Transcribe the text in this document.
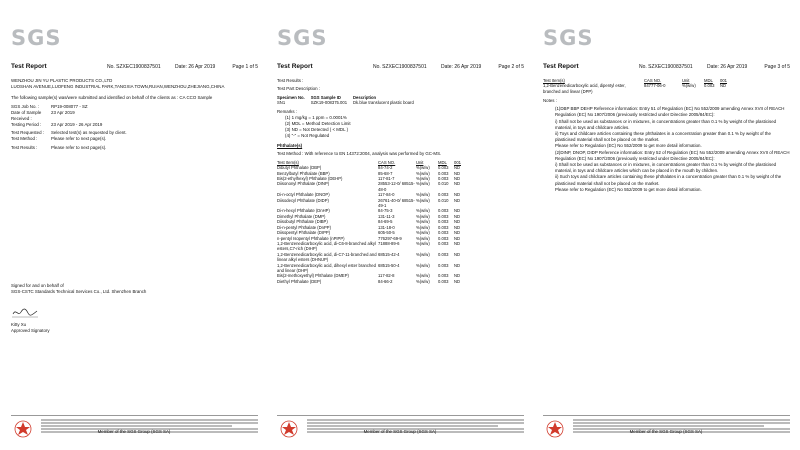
SGS
Test Report	No. SZXEC1900837501	Date: 26 Apr 2019	Page 1 of 5
WENZHOU JIN YU PLASTIC PRODUCTS CO.,LTD
LUOSHAN AVENUE,LUOFENG INDUSTRIAL PARK,TANGXIA TOWN,RUIAN,WENZHOU,ZHEJIANG,CHINA
The following sample(s) was/were submitted and identified on behalf of the clients as : CA CCO Sample
SGS Job No. :	RP19-008077 - SZ
Date of Sample Received :
23 Apr 2019
Testing Period :	23 Apr 2019 - 26 Apr 2019
Test Requested :	Selected test(s) as requested by client.
Test Method :	Please refer to next page(s).
Test Results :	Please refer to next page(s).
Signed for and on behalf of
SGS-CSTC Standards Technical Services Co., Ltd. Shenzhen Branch
Kitty Xu
Approved Signatory
Member of the SGS Group (SGS SA)
SGS
Test Report	No. SZXEC1900837501	Date: 26 Apr 2019	Page 2 of 5
Test Results :
Test Part Description :
Specimen No.	SGS Sample ID	Description
SN1	SZK19-008375.001	Dk.blue translucent plastic board
Remarks :
(1) 1 mg/kg = 1 ppm = 0.0001%
(2) MDL = Method Detection Limit
(3) ND = Not Detected ( < MDL )
(4) "-" = Not Regulated
Phthalate(s)
Test Method : With reference to EN 14372:2004, analysis was performed by GC-MS.
Test Item(s)	CAS NO.	Unit	MDL	001
Dibutyl Phthalate (DBP)	84-74-2	%(w/w)	0.003	ND
Benzylbutyl Phthalate (BBP)	85-68-7	%(w/w)	0.003	ND
Bis(2-ethylhexyl) Phthalate (DEHP)	117-81-7	%(w/w)	0.003	ND
Diisononyl Phthalate (DINP)	28553-12-0/ 68515-48-0	%(w/w)	0.010	ND
Di-n-octyl Phthalate (DNOP)	117-84-0	%(w/w)	0.003	ND
Diisodecyl Phthalate (DIDP)	26761-40-0/ 68515-49-1	%(w/w)	0.010	ND
Di-n-hexyl Phthalate (DnHP)	84-75-3	%(w/w)	0.003	ND
Dimethyl Phthalate (DMP)	131-11-3	%(w/w)	0.003	ND
Diisobutyl Phthalate (DIBP)	84-69-5	%(w/w)	0.003	ND
Di-n-pentyl Phthalate (DnPP)	131-18-0	%(w/w)	0.003	ND
Diisopentyl Phthalate (DIPP)	605-50-5	%(w/w)	0.003	ND
n-pentyl Isopentyl Phthalate (nPIPP)	776297-69-9	%(w/w)	0.003	ND
1,2-Benzenedicarboxylic acid, di-C6-8-branched alkyl esters,C7-rich (DIHP)	71888-89-6	%(w/w)	0.003	ND
1,2-Benzenedicarboxylic acid, di-C7-11-branched and linear alkyl esters (DHNUP)	68515-42-4	%(w/w)	0.003	ND
1,2-Benzenedicarboxylic acid, dihexyl ester branched and linear (DHP)	68515-50-4	%(w/w)	0.003	ND
Bis(2-methoxyethyl) Phthalate (DMEP)	117-82-8	%(w/w)	0.003	ND
Diethyl Phthalate (DEP)	84-66-2	%(w/w)	0.003	ND
Member of the SGS Group (SGS SA)
SGS
Test Report	No. SZXEC1900837501	Date: 26 Apr 2019	Page 3 of 5
Test Item(s)	CAS NO.	Unit	MDL	001
1,2-Benzenedicarboxylic acid, dipentyl ester, branched and linear (DPP)	84777-06-0	%(w/w)	0.003	ND
Notes :
(1)DBP BBP DEHP Reference information: Entry 51 of Regulation (EC) No 552/2009 amending Annex XVII of REACH Regulation (EC) No 1907/2006 (previously restricted under Directive 2005/84/EC):
i) Shall not be used as substances or in mixtures, in concentrations greater than 0.1 % by weight of the plasticised material, in toys and childcare articles.
ii) Toys and childcare articles containing these phthalates in a concentration greater than 0.1 % by weight of the plasticised material shall not be placed on the market.
Please refer to Regulation (EC) No 552/2009 to get more detail information.
(2)DINP, DNOP, DIDP Reference information: Entry 52 of Regulation (EC) No 552/2009 amending Annex XVII of REACH Regulation (EC) No 1907/2006 (previously restricted under Directive 2005/84/EC):
i) Shall not be used as substances or in mixtures, in concentrations greater than 0.1 % by weight of the plasticised material, in toys and childcare articles which can be placed in the mouth by children.
ii) Such toys and childcare articles containing these phthalates in a concentration greater than 0.1 % by weight of the plasticised material shall not be placed on the market.
Please refer to Regulation (EC) No 552/2009 to get more detail information.
Member of the SGS Group (SGS SA)
